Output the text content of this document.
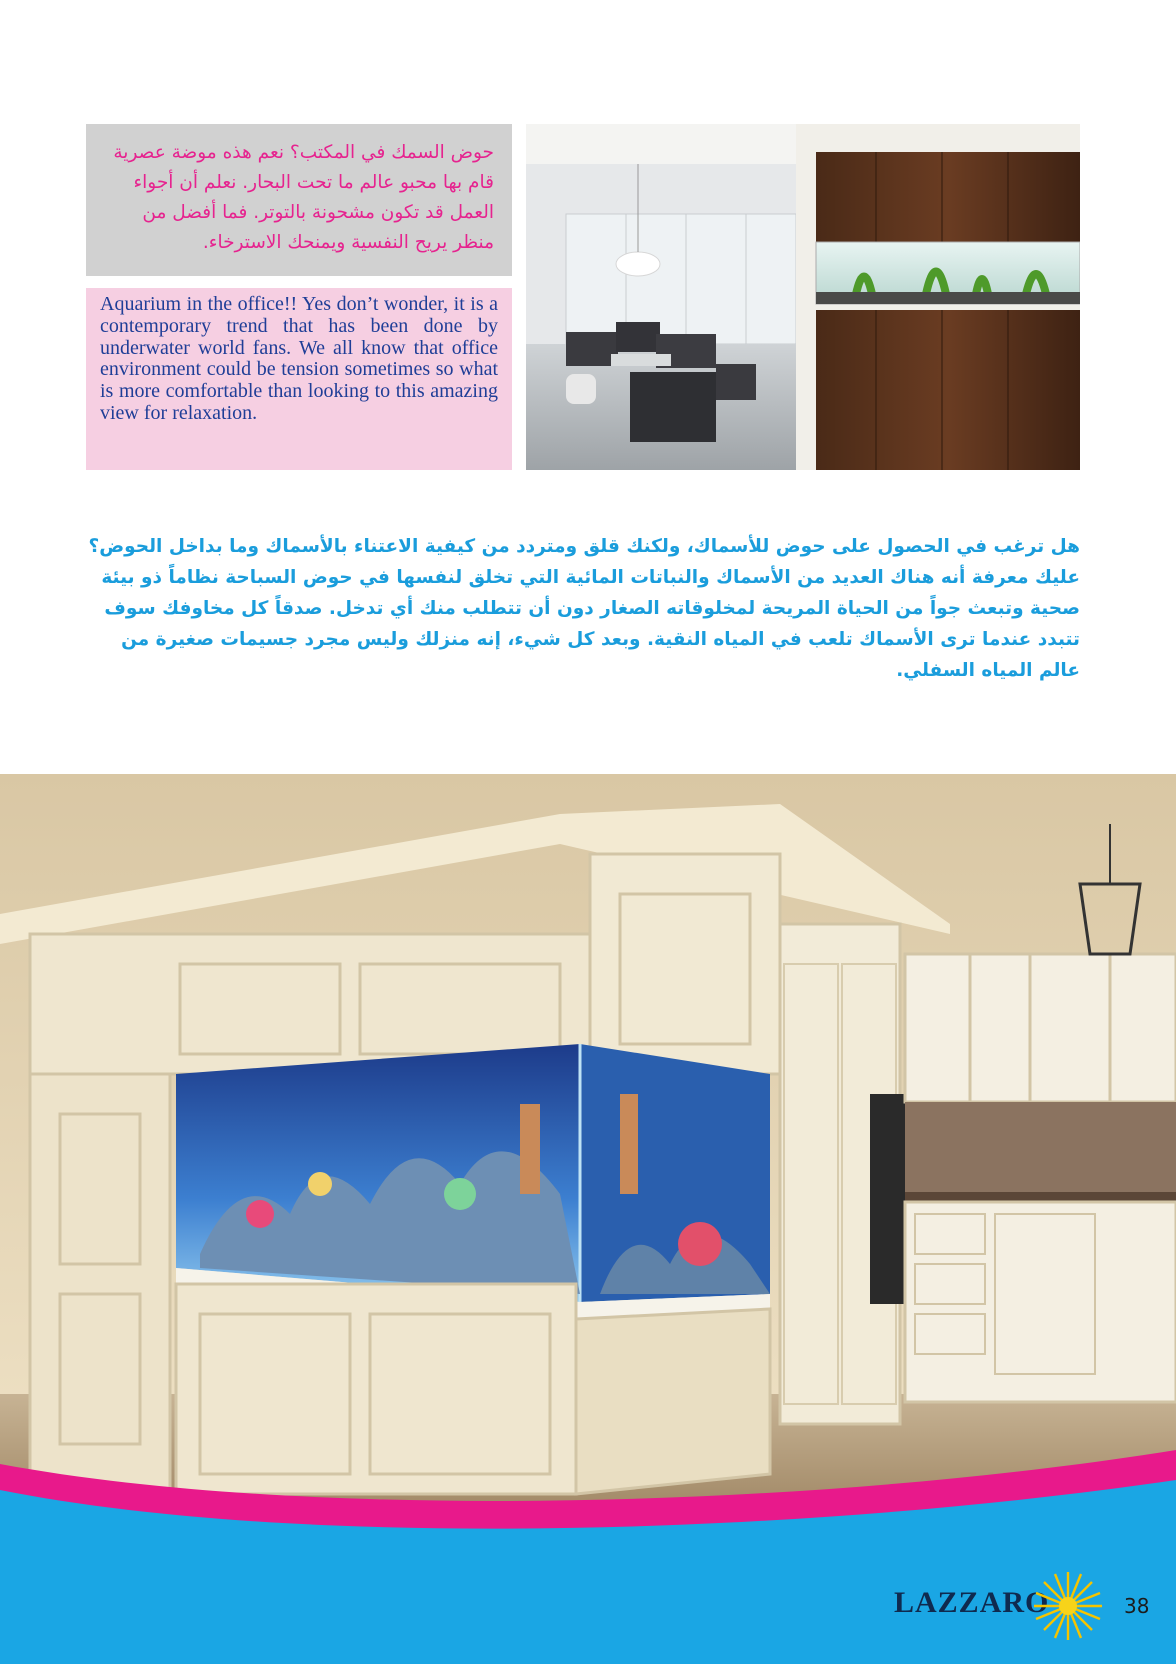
حوض السمك في المكتب؟ نعم هذه موضة عصرية قام بها محبو عالم ما تحت البحار. نعلم أن أجواء العمل قد تكون مشحونة بالتوتر. فما أفضل من منظر يريح النفسية ويمنحك الاسترخاء.
Aquarium in the office!! Yes don’t wonder, it is a contemporary trend that has been done by underwater world fans. We all know that office environment could be tension sometimes so what is more comfortable than looking to this amazing view for relaxation.
هل ترغب في الحصول على حوض للأسماك، ولكنك قلق ومتردد من كيفية الاعتناء بالأسماك وما بداخل الحوض؟ عليك معرفة أنه هناك العديد من الأسماك والنباتات المائية التي تخلق لنفسها في حوض السباحة نظاماً ذو بيئة صحية وتبعث جواً من الحياة المريحة لمخلوقاته الصغار دون أن تتطلب منك أي تدخل. صدقاً كل مخاوفك سوف تتبدد عندما ترى الأسماك تلعب في المياه النقية. وبعد كل شيء، إنه منزلك وليس مجرد جسيمات صغيرة من عالم المياه السفلي.
LAZZARO	38
